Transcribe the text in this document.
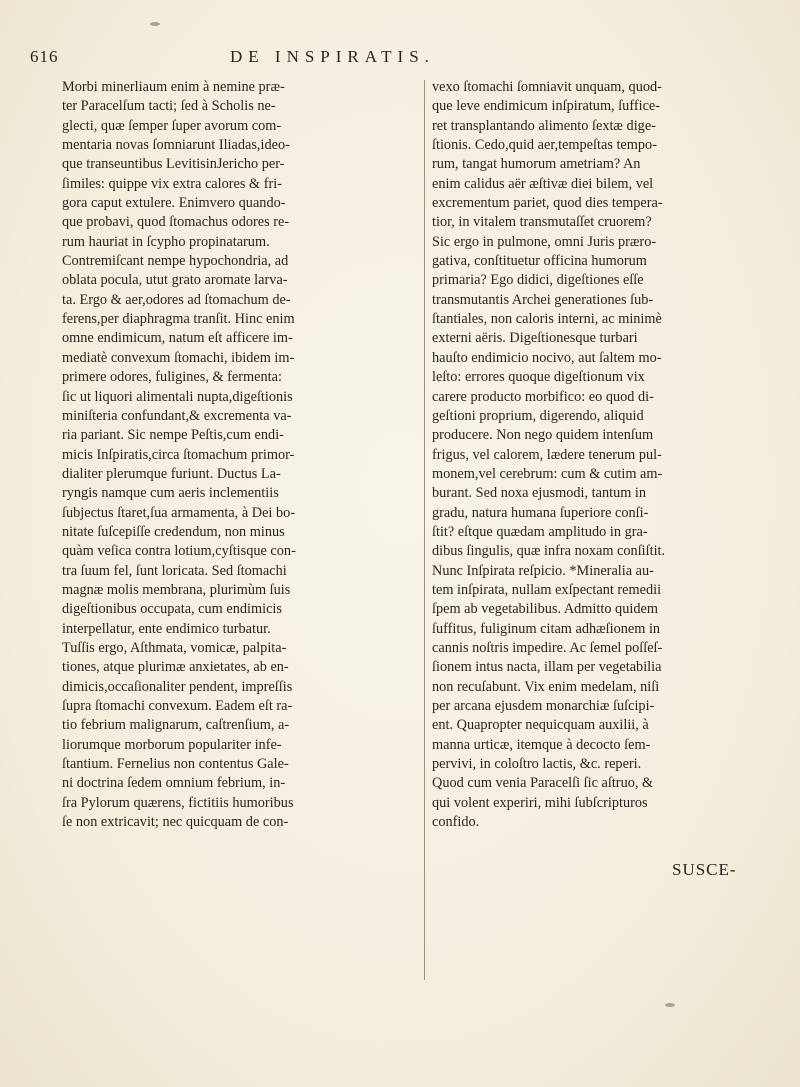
616	DE INSPIRATIS.
Morbi minerliaum enim à nemine præ-
ter Paracelſum tacti; ſed à Scholis ne-
glecti, quæ ſemper ſuper avorum com-
mentaria novas ſomniarunt Iliadas,ideo-
que transeuntibus LevitisinJericho per-
ſimiles: quippe vix extra calores & fri-
gora caput extulere. Enimvero quando-
que probavi, quod ſtomachus odores re-
rum hauriat in ſcypho propinatarum.
Contremiſcant nempe hypochondria, ad
oblata pocula, utut grato aromate larva-
ta. Ergo & aer,odores ad ſtomachum de-
ferens,per diaphragma tranſit. Hinc enim
omne endimicum, natum eſt afficere im-
mediatè convexum ſtomachi, ibidem im-
primere odores, fuligines, & fermenta:
ſic ut liquori alimentali nupta,digeſtionis
miniſteria confundant,& excrementa va-
ria pariant. Sic nempe Peſtis,cum endi-
micis Inſpiratis,circa ſtomachum primor-
dialiter plerumque furiunt. Ductus La-
ryngis namque cum aeris inclementiis
ſubjectus ſtaret,ſua armamenta, à Dei bo-
nitate ſuſcepiſſe credendum, non minus
quàm veſica contra lotium,cyſtisque con-
tra ſuum fel, ſunt loricata. Sed ſtomachi
magnæ molis membrana, plurimùm ſuis
digeſtionibus occupata, cum endimicis
interpellatur, ente endimico turbatur.
Tuſſis ergo, Aſthmata, vomicæ, palpita-
tiones, atque plurimæ anxietates, ab en-
dimicis,occaſionaliter pendent, impreſſis
ſupra ſtomachi convexum. Eadem eſt ra-
tio febrium malignarum, caſtrenſium, a-
liorumque morborum populariter infe-
ſtantium. Fernelius non contentus Gale-
ni doctrina ſedem omnium febrium, in-
ſra Pylorum quærens, fictitiis humoribus
ſe non extricavit; nec quicquam de con-
vexo ſtomachi ſomniavit unquam, quod-
que leve endimicum inſpiratum, ſuffice-
ret transplantando alimento ſextæ dige-
ſtionis. Cedo,quid aer,tempeſtas tempo-
rum, tangat humorum ametriam? An
enim calidus aër æſtivæ diei bilem, vel
excrementum pariet, quod dies tempera-
tior, in vitalem transmutaſſet cruorem?
Sic ergo in pulmone, omni Juris præro-
gativa, conſtituetur officina humorum
primaria? Ego didici, digeſtiones eſſe
transmutantis Archei generationes ſub-
ſtantiales, non caloris interni, ac minimè
externi aëris. Digeſtionesque turbari
hauſto endimicio nocivo, aut ſaltem mo-
leſto: errores quoque digeſtionum vix
carere producto morbifico: eo quod di-
geſtioni proprium, digerendo, aliquid
producere. Non nego quidem intenſum
frigus, vel calorem, lædere tenerum pul-
monem,vel cerebrum: cum & cutim am-
burant. Sed noxa ejusmodi, tantum in
gradu, natura humana ſuperiore conſi-
ſtit? eſtque quædam amplitudo in gra-
dibus ſingulis, quæ infra noxam conſiſtit.
Nunc Inſpirata reſpicio. *Mineralia au-
tem inſpirata, nullam exſpectant remedii
ſpem ab vegetabilibus. Admitto quidem
ſuffitus, fuliginum citam adhæſionem in
cannis noſtris impedire. Ac ſemel poſſeſ-
ſionem intus nacta, illam per vegetabilia
non recuſabunt. Vix enim medelam, niſi
per arcana ejusdem monarchiæ ſuſcipi-
ent. Quapropter nequicquam auxilii, à
manna urticæ, itemque à decocto ſem-
pervivi, in coloſtro lactis, &c. reperi.
Quod cum venia Paracelſi ſic aſtruo, &
qui volent experiri, mihi ſubſcripturos
confido.
SUSCE-
